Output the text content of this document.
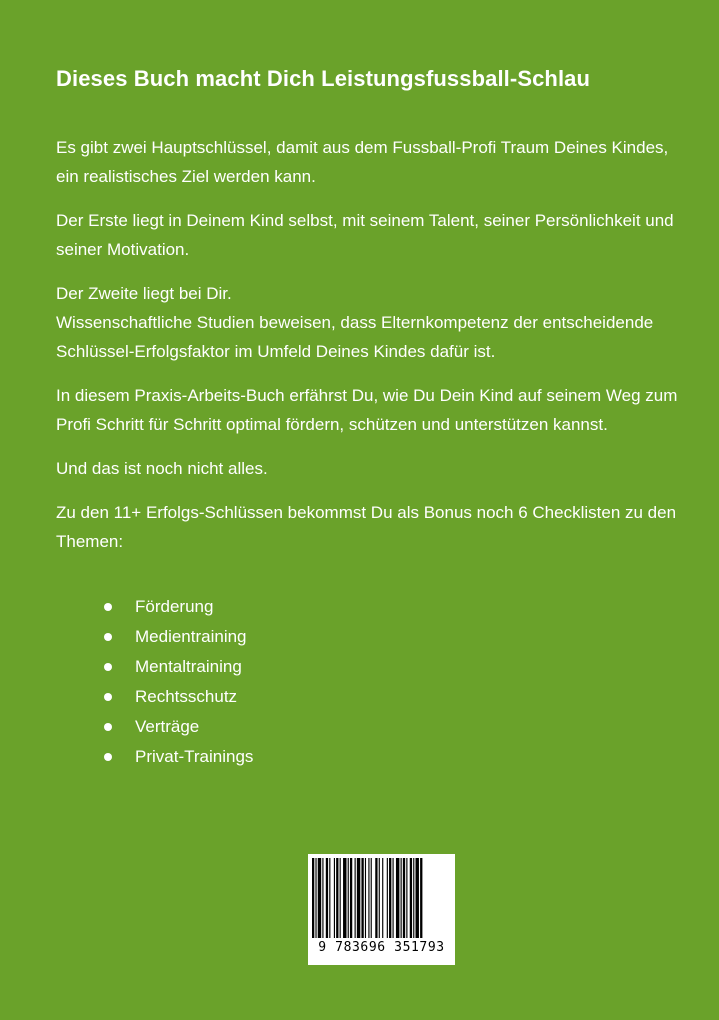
Dieses Buch macht Dich Leistungsfussball-Schlau

Es gibt zwei Hauptschlüssel, damit aus dem Fussball-Profi Traum Deines Kindes, ein realistisches Ziel werden kann.

Der Erste liegt in Deinem Kind selbst, mit seinem Talent, seiner Persönlichkeit und seiner Motivation.

Der Zweite liegt bei Dir.

Wissenschaftliche Studien beweisen, dass Elternkompetenz der entscheidende Schlüssel-Erfolgsfaktor im Umfeld Deines Kindes dafür ist.

In diesem Praxis-Arbeits-Buch erfährst Du, wie Du Dein Kind auf seinem Weg zum Profi Schritt für Schritt optimal fördern, schützen und unterstützen kannst.

Und das ist noch nicht alles.

Zu den 11+ Erfolgs-Schlüssen bekommst Du als Bonus noch 6 Checklisten zu den Themen:

Förderung
Medientraining
Mentaltraining
Rechtsschutz
Verträge
Privat-Trainings
9 783696 351793
